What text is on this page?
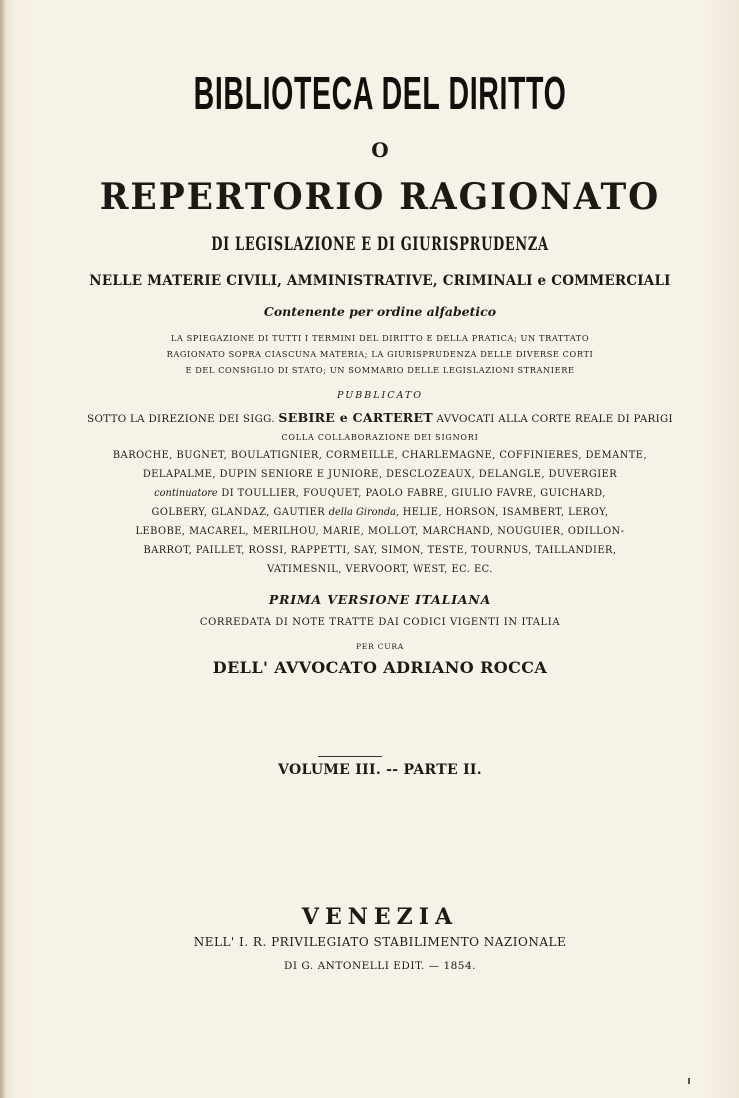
BIBLIOTECA DEL DIRITTO
O
REPERTORIO RAGIONATO
DI LEGISLAZIONE E DI GIURISPRUDENZA
NELLE MATERIE CIVILI, AMMINISTRATIVE, CRIMINALI e COMMERCIALI
Contenente per ordine alfabetico
LA SPIEGAZIONE DI TUTTI I TERMINI DEL DIRITTO E DELLA PRATICA; UN TRATTATO
RAGIONATO SOPRA CIASCUNA MATERIA; LA GIURISPRUDENZA DELLE DIVERSE CORTI
E DEL CONSIGLIO DI STATO; UN SOMMARIO DELLE LEGISLAZIONI STRANIERE
PUBBLICATO
SOTTO LA DIREZIONE DEI SIGG. SEBIRE e CARTERET AVVOCATI ALLA CORTE REALE DI PARIGI
COLLA COLLABORAZIONE DEI SIGNORI
BAROCHE, BUGNET, BOULATIGNIER, CORMEILLE, CHARLEMAGNE, COFFINIERES, DEMANTE,
DELAPALME, DUPIN SENIORE E JUNIORE, DESCLOZEAUX, DELANGLE, DUVERGIER
continuatore DI TOULLIER, FOUQUET, PAOLO FABRE, GIULIO FAVRE, GUICHARD,
GOLBERY, GLANDAZ, GAUTIER della Gironda, HELIE, HORSON, ISAMBERT, LEROY,
LEBOBE, MACAREL, MERILHOU, MARIE, MOLLOT, MARCHAND, NOUGUIER, ODILLON-
BARROT, PAILLET, ROSSI, RAPPETTI, SAY, SIMON, TESTE, TOURNUS, TAILLANDIER,
VATIMESNIL, VERVOORT, WEST, EC. EC.
PRIMA VERSIONE ITALIANA
CORREDATA DI NOTE TRATTE DAI CODICI VIGENTI IN ITALIA
PER CURA
DELL' AVVOCATO ADRIANO ROCCA
VOLUME III. -- PARTE II.
VENEZIA
NELL' I. R. PRIVILEGIATO STABILIMENTO NAZIONALE
DI G. ANTONELLI EDIT. — 1854.
